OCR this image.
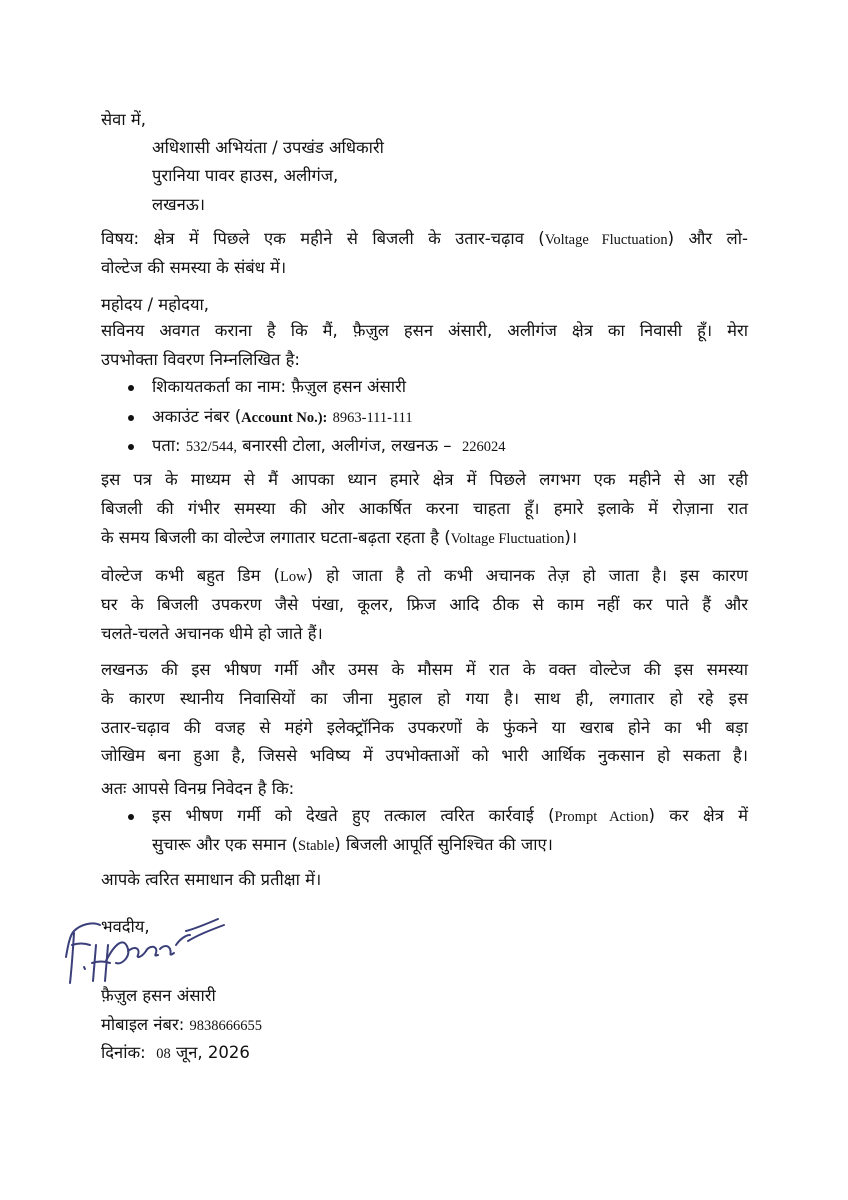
सेवा में,
अधिशासी अभियंता / उपखंड अधिकारी
पुरानिया पावर हाउस, अलीगंज,
लखनऊ।
विषय: क्षेत्र में पिछले एक महीने से बिजली के उतार-चढ़ाव (Voltage Fluctuation) और लो-
वोल्टेज की समस्या के संबंध में।
महोदय / महोदया,
सविनय अवगत कराना है कि मैं, फ़ैज़ुल हसन अंसारी, अलीगंज क्षेत्र का निवासी हूँ। मेरा
उपभोक्ता विवरण निम्नलिखित है:
शिकायतकर्ता का नाम: फ़ैज़ुल हसन अंसारी
अकाउंट नंबर (Account No.): 8963-111-111
पता: 532/544, बनारसी टोला, अलीगंज, लखनऊ – 226024
इस पत्र के माध्यम से मैं आपका ध्यान हमारे क्षेत्र में पिछले लगभग एक महीने से आ रही
बिजली की गंभीर समस्या की ओर आकर्षित करना चाहता हूँ। हमारे इलाके में रोज़ाना रात
के समय बिजली का वोल्टेज लगातार घटता-बढ़ता रहता है (Voltage Fluctuation)।
वोल्टेज कभी बहुत डिम (Low) हो जाता है तो कभी अचानक तेज़ हो जाता है। इस कारण
घर के बिजली उपकरण जैसे पंखा, कूलर, फ्रिज आदि ठीक से काम नहीं कर पाते हैं और
चलते-चलते अचानक धीमे हो जाते हैं।
लखनऊ की इस भीषण गर्मी और उमस के मौसम में रात के वक्त वोल्टेज की इस समस्या
के कारण स्थानीय निवासियों का जीना मुहाल हो गया है। साथ ही, लगातार हो रहे इस
उतार-चढ़ाव की वजह से महंगे इलेक्ट्रॉनिक उपकरणों के फुंकने या खराब होने का भी बड़ा
जोखिम बना हुआ है, जिससे भविष्य में उपभोक्ताओं को भारी आर्थिक नुकसान हो सकता है।
अतः आपसे विनम्र निवेदन है कि:
इस भीषण गर्मी को देखते हुए तत्काल त्वरित कार्रवाई (Prompt Action) कर क्षेत्र में
सुचारू और एक समान (Stable) बिजली आपूर्ति सुनिश्चित की जाए।
आपके त्वरित समाधान की प्रतीक्षा में।
भवदीय,
फ़ैज़ुल हसन अंसारी
मोबाइल नंबर: 9838666655
दिनांक: 08 जून, 2026
